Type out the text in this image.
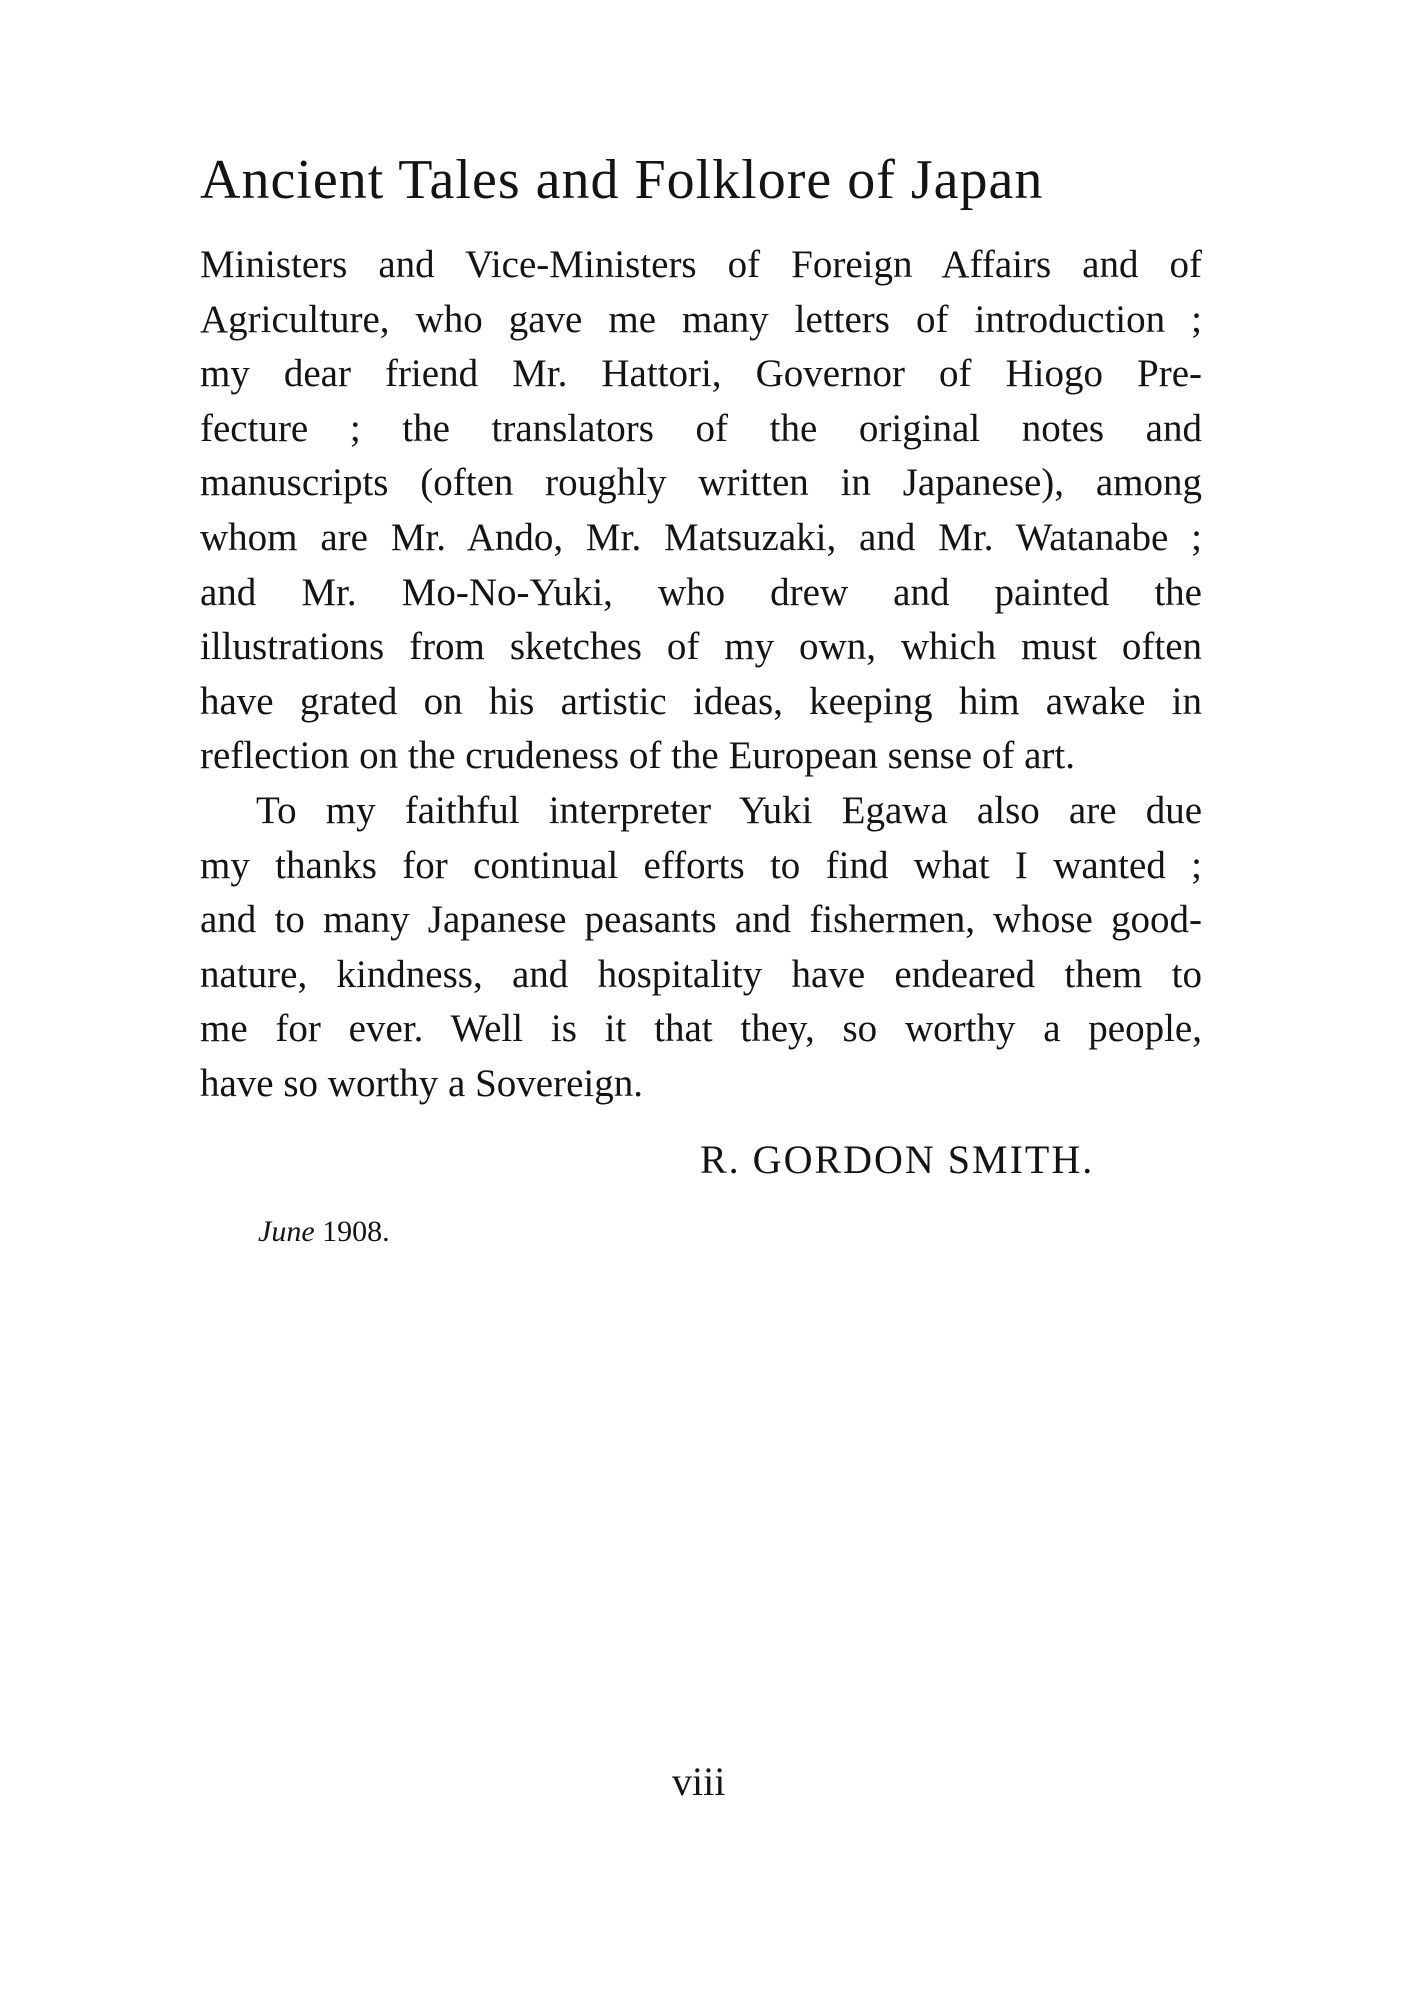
Ancient Tales and Folklore of Japan
Ministers and Vice-Ministers of Foreign Affairs and of
Agriculture, who gave me many letters of introduction ;
my dear friend Mr. Hattori, Governor of Hiogo Pre-
fecture ; the translators of the original notes and
manuscripts (often roughly written in Japanese), among
whom are Mr. Ando, Mr. Matsuzaki, and Mr. Watanabe ;
and Mr. Mo-No-Yuki, who drew and painted the
illustrations from sketches of my own, which must often
have grated on his artistic ideas, keeping him awake in
reflection on the crudeness of the European sense of art.
To my faithful interpreter Yuki Egawa also are due
my thanks for continual efforts to find what I wanted ;
and to many Japanese peasants and fishermen, whose good-
nature, kindness, and hospitality have endeared them to
me for ever. Well is it that they, so worthy a people,
have so worthy a Sovereign.
R. GORDON SMITH.
June 1908.
viii
